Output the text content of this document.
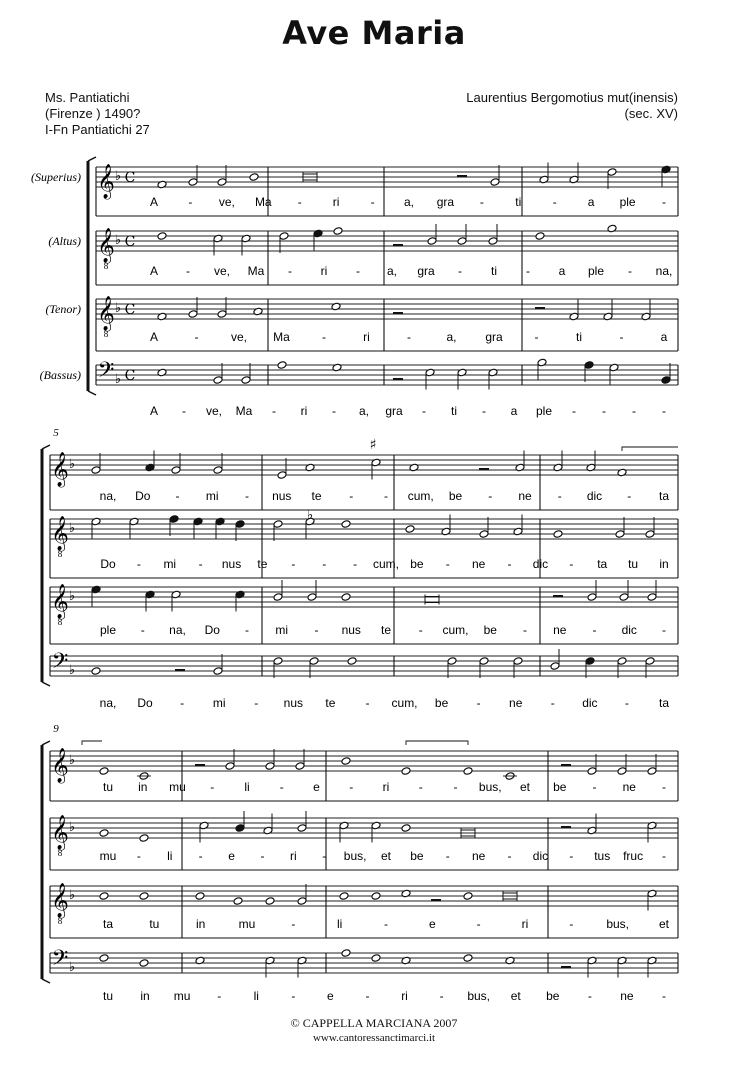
Ave Maria
Ms. Pantiatichi
(Firenze ) 1490?
I-Fn Pantiatichi 27
Laurentius Bergomotius mut(inensis)
(sec. XV)
𝄞 ♭ C
A	- ve, Ma -	ri	- a, gra -	ti	-	a ple -
𝄞
8
♭ C
A - ve, Ma - ri - a, gra - ti - a ple - na,
𝄞
8
♭ C
A	-	ve, Ma	-	ri	-	a, gra	-	ti	-	a
𝄢 ♭ C
A - ve, Ma - ri - a, gra - ti - a ple - - - -
(Superius)
(Altus)
(Tenor)
(Bassus)
5
𝄞 ♭
na, Do - mi - nus te -	- cum, be - ne - dic - ta
𝄞
8
♭
Do - mi - nus te - - - cum, be - ne - dic - ta tu in
𝄞
8
♭
ple - na, Do - mi - nus te - cum, be - ne - dic -
𝄢 ♭
na, Do - mi - nus te	- cum, be - ne - dic -	ta
9
𝄞 ♭
tu in mu -	li	- e - ri -	- bus, et be - ne -
𝄞
8
♭
mu - li - e - ri - bus, et be - ne - dic - tus fruc -
𝄞
8
♭
ta	tu	in	mu	-	li	-	e	-	ri	-	bus, et
𝄢 ♭
tu in mu -	li	-	e	-	ri	- bus, et be - ne -
♯
♭
© CAPPELLA MARCIANA 2007
www.cantoressanctimarci.it
